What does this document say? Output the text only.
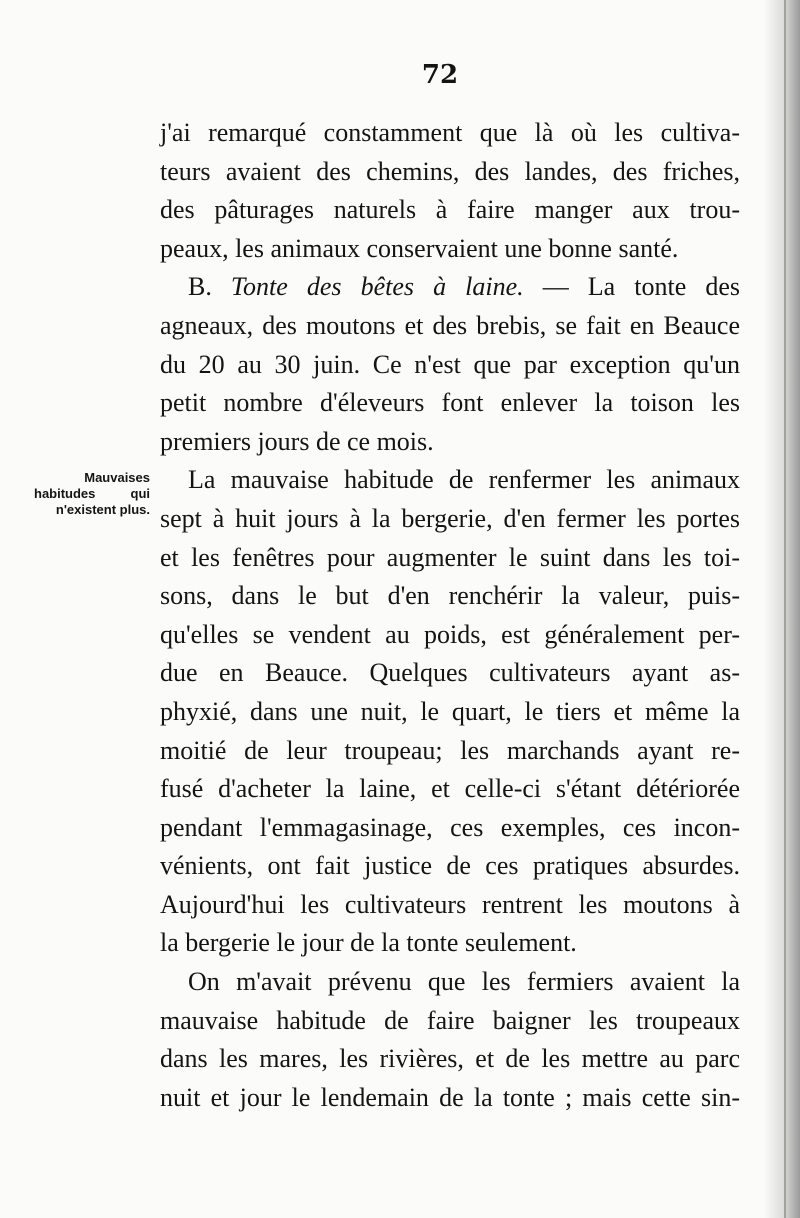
72
Mauvaises
habitudes qui
n'existent plus.
j'ai remarqué constamment que là où les cultiva-
teurs avaient des chemins, des landes, des friches,
des pâturages naturels à faire manger aux trou-
peaux, les animaux conservaient une bonne santé.
B. Tonte des bêtes à laine. — La tonte des
agneaux, des moutons et des brebis, se fait en Beauce
du 20 au 30 juin. Ce n'est que par exception qu'un
petit nombre d'éleveurs font enlever la toison les
premiers jours de ce mois.
La mauvaise habitude de renfermer les animaux
sept à huit jours à la bergerie, d'en fermer les portes
et les fenêtres pour augmenter le suint dans les toi-
sons, dans le but d'en renchérir la valeur, puis-
qu'elles se vendent au poids, est généralement per-
due en Beauce. Quelques cultivateurs ayant as-
phyxié, dans une nuit, le quart, le tiers et même la
moitié de leur troupeau; les marchands ayant re-
fusé d'acheter la laine, et celle-ci s'étant détériorée
pendant l'emmagasinage, ces exemples, ces incon-
vénients, ont fait justice de ces pratiques absurdes.
Aujourd'hui les cultivateurs rentrent les moutons à
la bergerie le jour de la tonte seulement.
On m'avait prévenu que les fermiers avaient la
mauvaise habitude de faire baigner les troupeaux
dans les mares, les rivières, et de les mettre au parc
nuit et jour le lendemain de la tonte ; mais cette sin-
